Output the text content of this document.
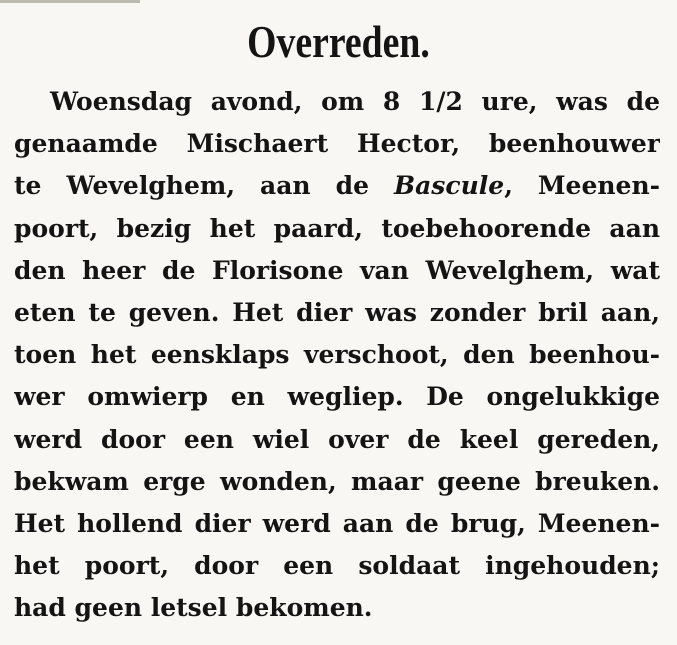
Overreden.
Woensdag avond, om 8 1/2 ure, was de
genaamde Mischaert Hector, beenhouwer
te Wevelghem, aan de Bascule, Meenen-
poort, bezig het paard, toebehoorende aan
den heer de Florisone van Wevelghem, wat
eten te geven. Het dier was zonder bril aan,
toen het eensklaps verschoot, den beenhou-
wer omwierp en wegliep. De ongelukkige
werd door een wiel over de keel gereden,
bekwam erge wonden, maar geene breuken.
Het hollend dier werd aan de brug, Meenen-
het poort, door een soldaat ingehouden;
had geen letsel bekomen.
